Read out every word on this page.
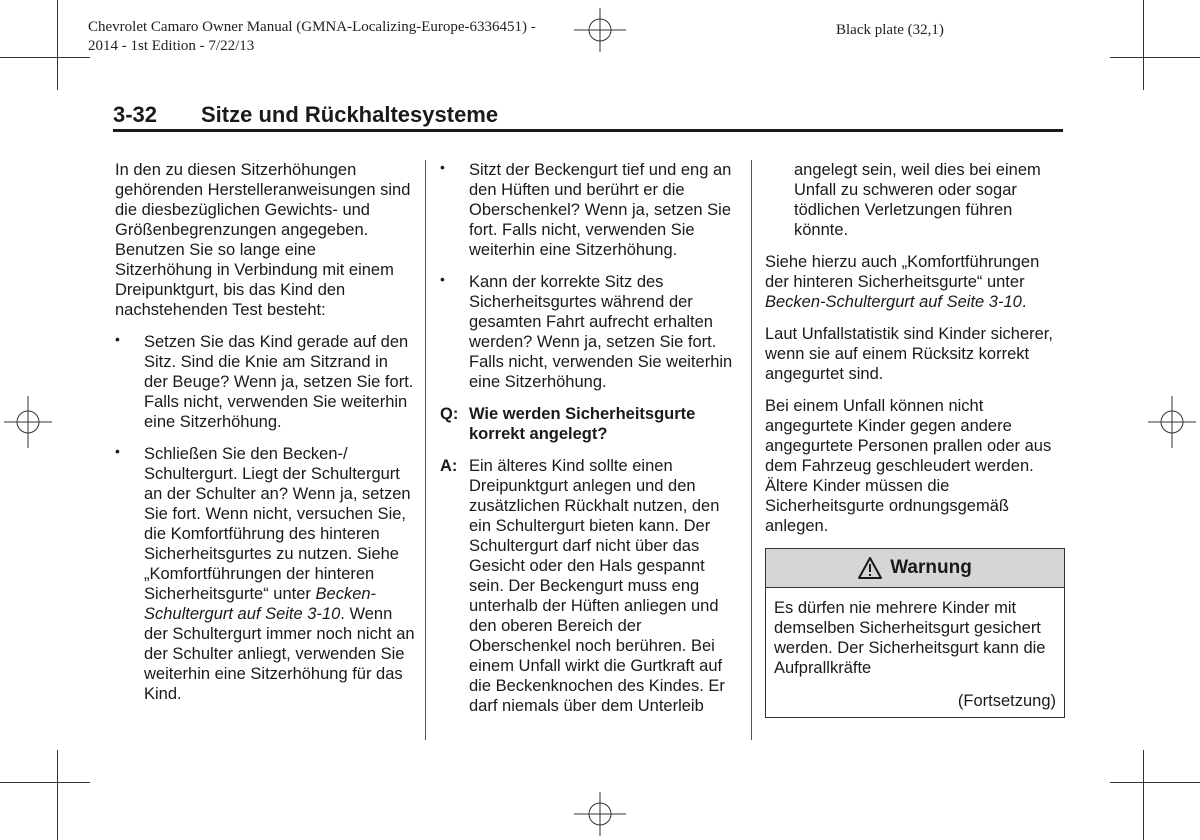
Chevrolet Camaro Owner Manual (GMNA-Localizing-Europe-6336451) -
2014 - 1st Edition - 7/22/13
Black plate (32,1)
3-32 Sitze und Rückhaltesysteme

In den zu diesen Sitzerhöhungen gehörenden Herstelleranweisungen sind die diesbezüglichen Gewichts- und Größenbegrenzungen angegeben. Benutzen Sie so lange eine Sitzerhöhung in Verbindung mit einem Dreipunktgurt, bis das Kind den nachstehenden Test besteht:

• Setzen Sie das Kind gerade auf den Sitz. Sind die Knie am Sitzrand in der Beuge? Wenn ja, setzen Sie fort. Falls nicht, verwenden Sie weiterhin eine Sitzerhöhung.
• Schließen Sie den Becken-/ Schultergurt. Liegt der Schultergurt an der Schulter an? Wenn ja, setzen Sie fort. Wenn nicht, versuchen Sie, die Komfortführung des hinteren Sicherheitsgurtes zu nutzen. Siehe „Komfortführungen der hinteren Sicherheitsgurte“ unter Becken-Schultergurt auf Seite 3-10. Wenn der Schultergurt immer noch nicht an der Schulter anliegt, verwenden Sie weiterhin eine Sitzerhöhung für das Kind.
• Sitzt der Beckengurt tief und eng an den Hüften und berührt er die Oberschenkel? Wenn ja, setzen Sie fort. Falls nicht, verwenden Sie weiterhin eine Sitzerhöhung.
• Kann der korrekte Sitz des Sicherheitsgurtes während der gesamten Fahrt aufrecht erhalten werden? Wenn ja, setzen Sie fort. Falls nicht, verwenden Sie weiterhin eine Sitzerhöhung.
Q: Wie werden Sicherheitsgurte korrekt angelegt?
A: Ein älteres Kind sollte einen Dreipunktgurt anlegen und den zusätzlichen Rückhalt nutzen, den ein Schultergurt bieten kann. Der Schultergurt darf nicht über das Gesicht oder den Hals gespannt sein. Der Beckengurt muss eng unterhalb der Hüften anliegen und den oberen Bereich der Oberschenkel noch berühren. Bei einem Unfall wirkt die Gurtkraft auf die Beckenknochen des Kindes. Er darf niemals über dem Unterleib
angelegt sein, weil dies bei einem Unfall zu schweren oder sogar tödlichen Verletzungen führen könnte.

Siehe hierzu auch „Komfortführungen der hinteren Sicherheitsgurte“ unter Becken-Schultergurt auf Seite 3-10.

Laut Unfallstatistik sind Kinder sicherer, wenn sie auf einem Rücksitz korrekt angegurtet sind.

Bei einem Unfall können nicht angegurtete Kinder gegen andere angegurtete Personen prallen oder aus dem Fahrzeug geschleudert werden. Ältere Kinder müssen die Sicherheitsgurte ordnungsgemäß anlegen.

Warnung
Es dürfen nie mehrere Kinder mit demselben Sicherheitsgurt gesichert werden. Der Sicherheitsgurt kann die Aufprallkräfte
(Fortsetzung)
